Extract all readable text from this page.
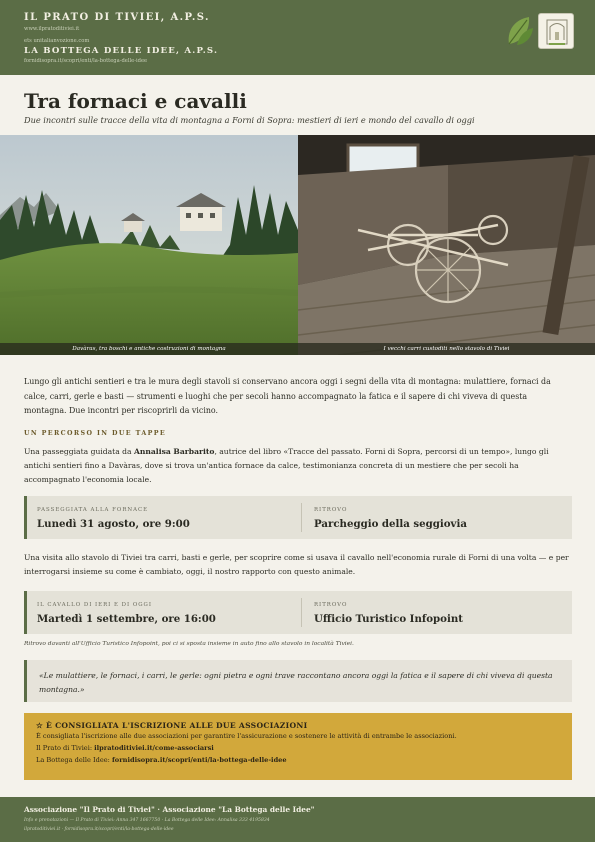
IL PRATO DI TIVIEI, A.P.S.
www.ilpratoditiviei.it
ets unitalianvozione.com
LA BOTTEGA DELLE IDEE, A.P.S.
fornidisopra.it/scopri/enti/la-bottega-delle-idee
Tra fornaci e cavalli
Due incontri sulle tracce della vita di montagna a Forni di Sopra: mestieri di ieri e mondo del cavallo di oggi
Davàras, tra boschi e antiche costruzioni di montagna	I vecchi carri custoditi nello stavolo di Tiviei
Lungo gli antichi sentieri e tra le mura degli stavoli si conservano ancora oggi i segni della vita di montagna: mulattiere, fornaci da calce, carri, gerle e basti — strumenti e luoghi che per secoli hanno accompagnato la fatica e il sapere di chi viveva di questa montagna. Due incontri per riscoprirli da vicino.
UN PERCORSO IN DUE TAPPE
Una passeggiata guidata da Annalisa Barbarito, autrice del libro «Tracce del passato. Forni di Sopra, percorsi di un tempo», lungo gli antichi sentieri fino a Davàras, dove si trova un'antica fornace da calce, testimonianza concreta di un mestiere che per secoli ha accompagnato l'economia locale.
PASSEGGIATA ALLA FORNACE
Lunedì 31 agosto, ore 9:00
RITROVO
Parcheggio della seggiovia
Una visita allo stavolo di Tiviei tra carri, basti e gerle, per scoprire come si usava il cavallo nell'economia rurale di Forni di una volta — e per interrogarsi insieme su come è cambiato, oggi, il nostro rapporto con questo animale.
IL CAVALLO DI IERI E DI OGGI
Martedì 1 settembre, ore 16:00
RITROVO
Ufficio Turistico Infopoint
Ritrovo davanti all'Ufficio Turistico Infopoint, poi ci si sposta insieme in auto fino allo stavolo in località Tiviei.
«Le mulattiere, le fornaci, i carri, le gerle: ogni pietra e ogni trave raccontano ancora oggi la fatica e il sapere di chi viveva di questa montagna.»
☆ È CONSIGLIATA L'ISCRIZIONE ALLE DUE ASSOCIAZIONI
È consigliata l'iscrizione alle due associazioni per garantire l'assicurazione e sostenere le attività di entrambe le associazioni.
Il Prato di Tiviei: ilpratoditiviei.it/come-associarsi
La Bottega delle Idee: fornidisopra.it/scopri/enti/la-bottega-delle-idee
Associazione "Il Prato di Tiviei" · Associazione "La Bottega delle Idee"
Info e prenotazioni — Il Prato di Tiviei: Anna 347 1667750 · La Bottega delle Idee: Annalisa 333 4195834
ilpratoditiviei.it · fornidisopra.it/scopri/enti/la-bottega-delle-idee
